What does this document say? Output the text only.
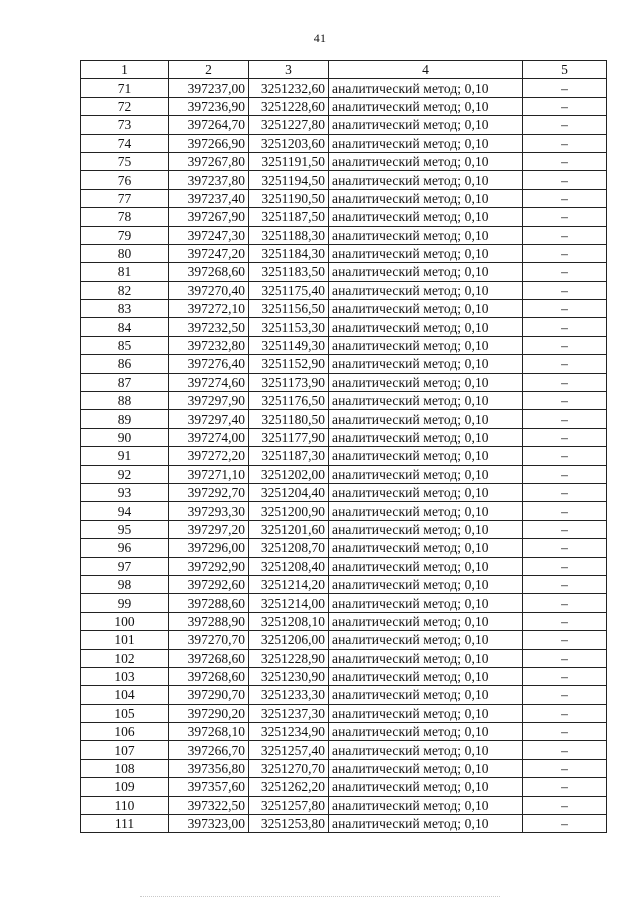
41
1	2	3	4	5
71	397237,00	3251232,60	аналитический метод; 0,10	–
72	397236,90	3251228,60	аналитический метод; 0,10	–
73	397264,70	3251227,80	аналитический метод; 0,10	–
74	397266,90	3251203,60	аналитический метод; 0,10	–
75	397267,80	3251191,50	аналитический метод; 0,10	–
76	397237,80	3251194,50	аналитический метод; 0,10	–
77	397237,40	3251190,50	аналитический метод; 0,10	–
78	397267,90	3251187,50	аналитический метод; 0,10	–
79	397247,30	3251188,30	аналитический метод; 0,10	–
80	397247,20	3251184,30	аналитический метод; 0,10	–
81	397268,60	3251183,50	аналитический метод; 0,10	–
82	397270,40	3251175,40	аналитический метод; 0,10	–
83	397272,10	3251156,50	аналитический метод; 0,10	–
84	397232,50	3251153,30	аналитический метод; 0,10	–
85	397232,80	3251149,30	аналитический метод; 0,10	–
86	397276,40	3251152,90	аналитический метод; 0,10	–
87	397274,60	3251173,90	аналитический метод; 0,10	–
88	397297,90	3251176,50	аналитический метод; 0,10	–
89	397297,40	3251180,50	аналитический метод; 0,10	–
90	397274,00	3251177,90	аналитический метод; 0,10	–
91	397272,20	3251187,30	аналитический метод; 0,10	–
92	397271,10	3251202,00	аналитический метод; 0,10	–
93	397292,70	3251204,40	аналитический метод; 0,10	–
94	397293,30	3251200,90	аналитический метод; 0,10	–
95	397297,20	3251201,60	аналитический метод; 0,10	–
96	397296,00	3251208,70	аналитический метод; 0,10	–
97	397292,90	3251208,40	аналитический метод; 0,10	–
98	397292,60	3251214,20	аналитический метод; 0,10	–
99	397288,60	3251214,00	аналитический метод; 0,10	–
100	397288,90	3251208,10	аналитический метод; 0,10	–
101	397270,70	3251206,00	аналитический метод; 0,10	–
102	397268,60	3251228,90	аналитический метод; 0,10	–
103	397268,60	3251230,90	аналитический метод; 0,10	–
104	397290,70	3251233,30	аналитический метод; 0,10	–
105	397290,20	3251237,30	аналитический метод; 0,10	–
106	397268,10	3251234,90	аналитический метод; 0,10	–
107	397266,70	3251257,40	аналитический метод; 0,10	–
108	397356,80	3251270,70	аналитический метод; 0,10	–
109	397357,60	3251262,20	аналитический метод; 0,10	–
110	397322,50	3251257,80	аналитический метод; 0,10	–
111	397323,00	3251253,80	аналитический метод; 0,10	–
